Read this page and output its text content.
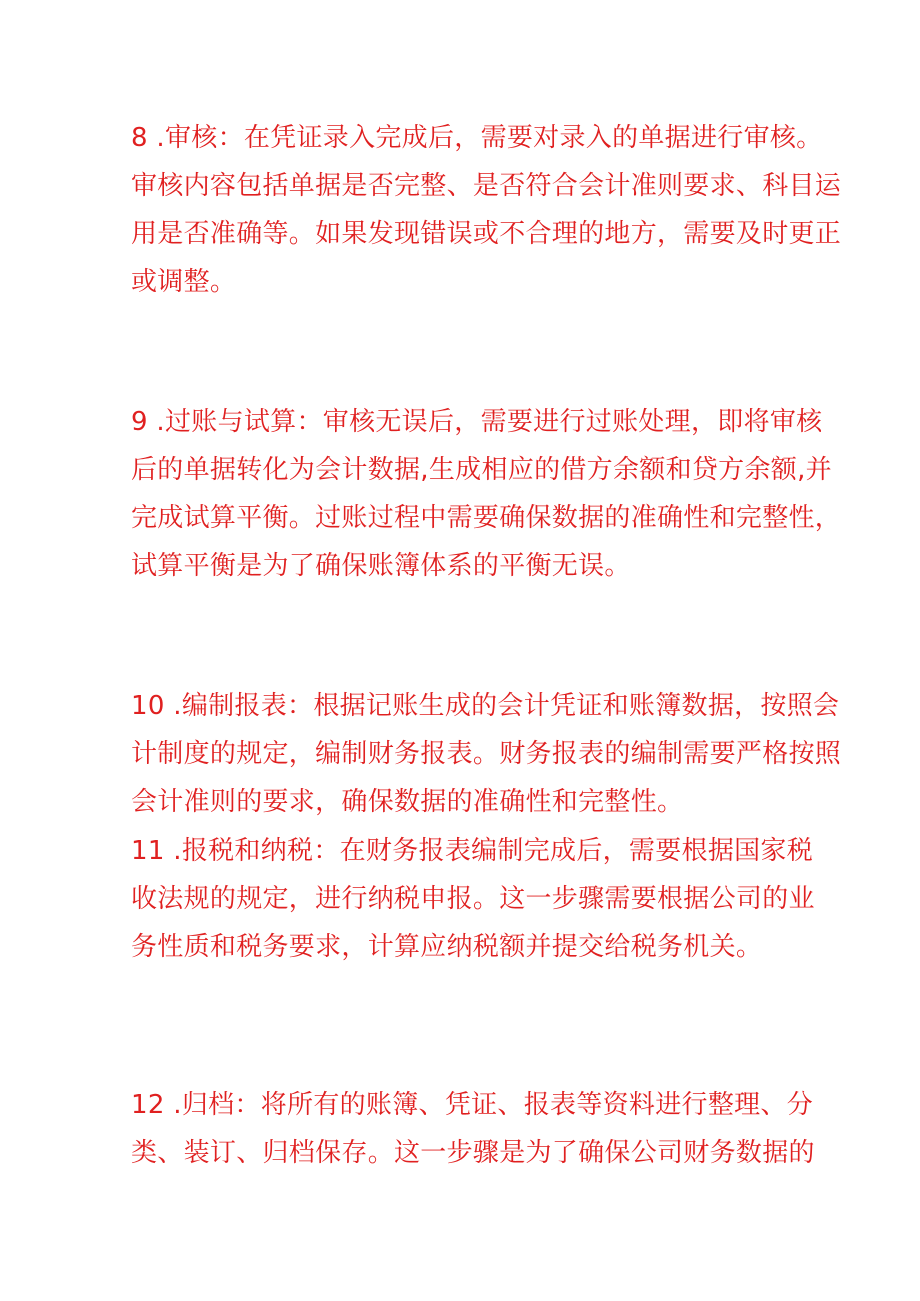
8 .审核：在凭证录入完成后，需要对录入的单据进行审核。
审核内容包括单据是否完整、是否符合会计准则要求、科目运
用是否准确等。如果发现错误或不合理的地方，需要及时更正
或调整。
9 .过账与试算：审核无误后，需要进行过账处理，即将审核
后的单据转化为会计数据,生成相应的借方余额和贷方余额,并
完成试算平衡。过账过程中需要确保数据的准确性和完整性，
试算平衡是为了确保账簿体系的平衡无误。
10 .编制报表：根据记账生成的会计凭证和账簿数据，按照会
计制度的规定，编制财务报表。财务报表的编制需要严格按照
会计准则的要求，确保数据的准确性和完整性。
11 .报税和纳税：在财务报表编制完成后，需要根据国家税
收法规的规定，进行纳税申报。这一步骤需要根据公司的业
务性质和税务要求，计算应纳税额并提交给税务机关。
12 .归档：将所有的账簿、凭证、报表等资料进行整理、分
类、装订、归档保存。这一步骤是为了确保公司财务数据的
